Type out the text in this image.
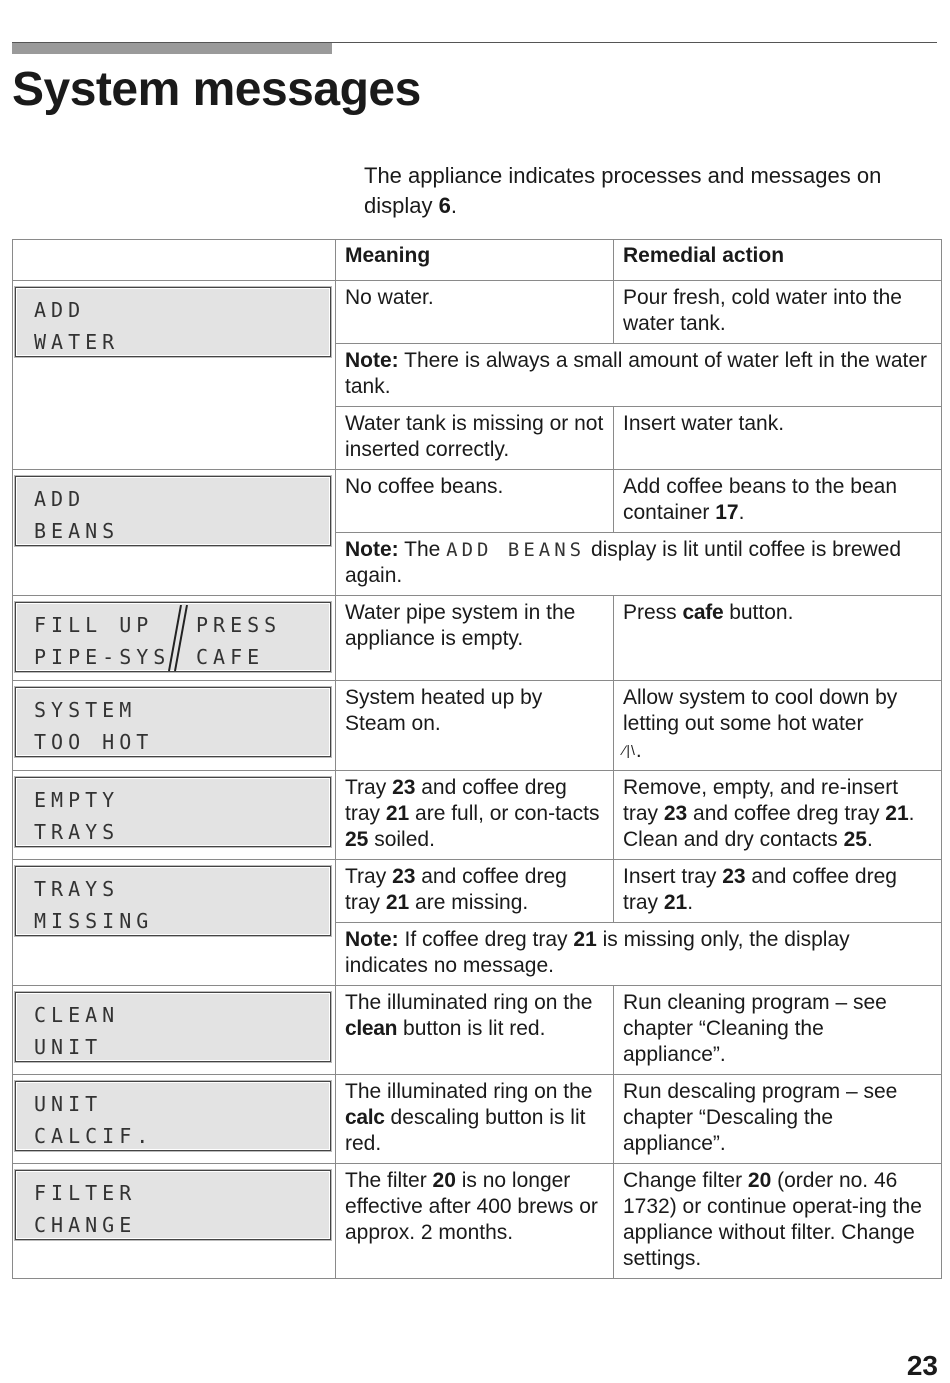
System messages
The appliance indicates processes and messages on display 6.
	Meaning	Remedial action

ADD
WATER	No water.	Pour fresh, cold water into the water tank.
	Note: There is always a small amount of water left in the water tank.	
	Water tank is missing or not inserted correctly.	Insert water tank.

ADD
BEANS	No coffee beans.	Add coffee beans to the bean container 17.
	Note: The ADD BEANS display is lit until coffee is brewed again.	

FILL UP
PIPE-SYS
PRESS
CAFE	Water pipe system in the appliance is empty.	Press cafe button.

SYSTEM
TOO HOT	System heated up by Steam on.	Allow system to cool down by letting out some hot water
⁄|\.

EMPTY
TRAYS	Tray 23 and coffee dreg tray 21 are full, or con-tacts 25 soiled.	Remove, empty, and re-insert tray 23 and coffee dreg tray 21. Clean and dry contacts 25.

TRAYS
MISSING	Tray 23 and coffee dreg tray 21 are missing.	Insert tray 23 and coffee dreg tray 21.
	Note: If coffee dreg tray 21 is missing only, the display indicates no message.	

CLEAN
UNIT	The illuminated ring on the clean button is lit red.	Run cleaning program – see chapter “Cleaning the appliance”.

UNIT
CALCIF.	The illuminated ring on the calc descaling button is lit red.	Run descaling program – see chapter “Descaling the appliance”.

FILTER
CHANGE	The filter 20 is no longer effective after 400 brews or approx. 2 months.	Change filter 20 (order no. 46 1732) or continue operat-ing the appliance without filter. Change settings.
23
